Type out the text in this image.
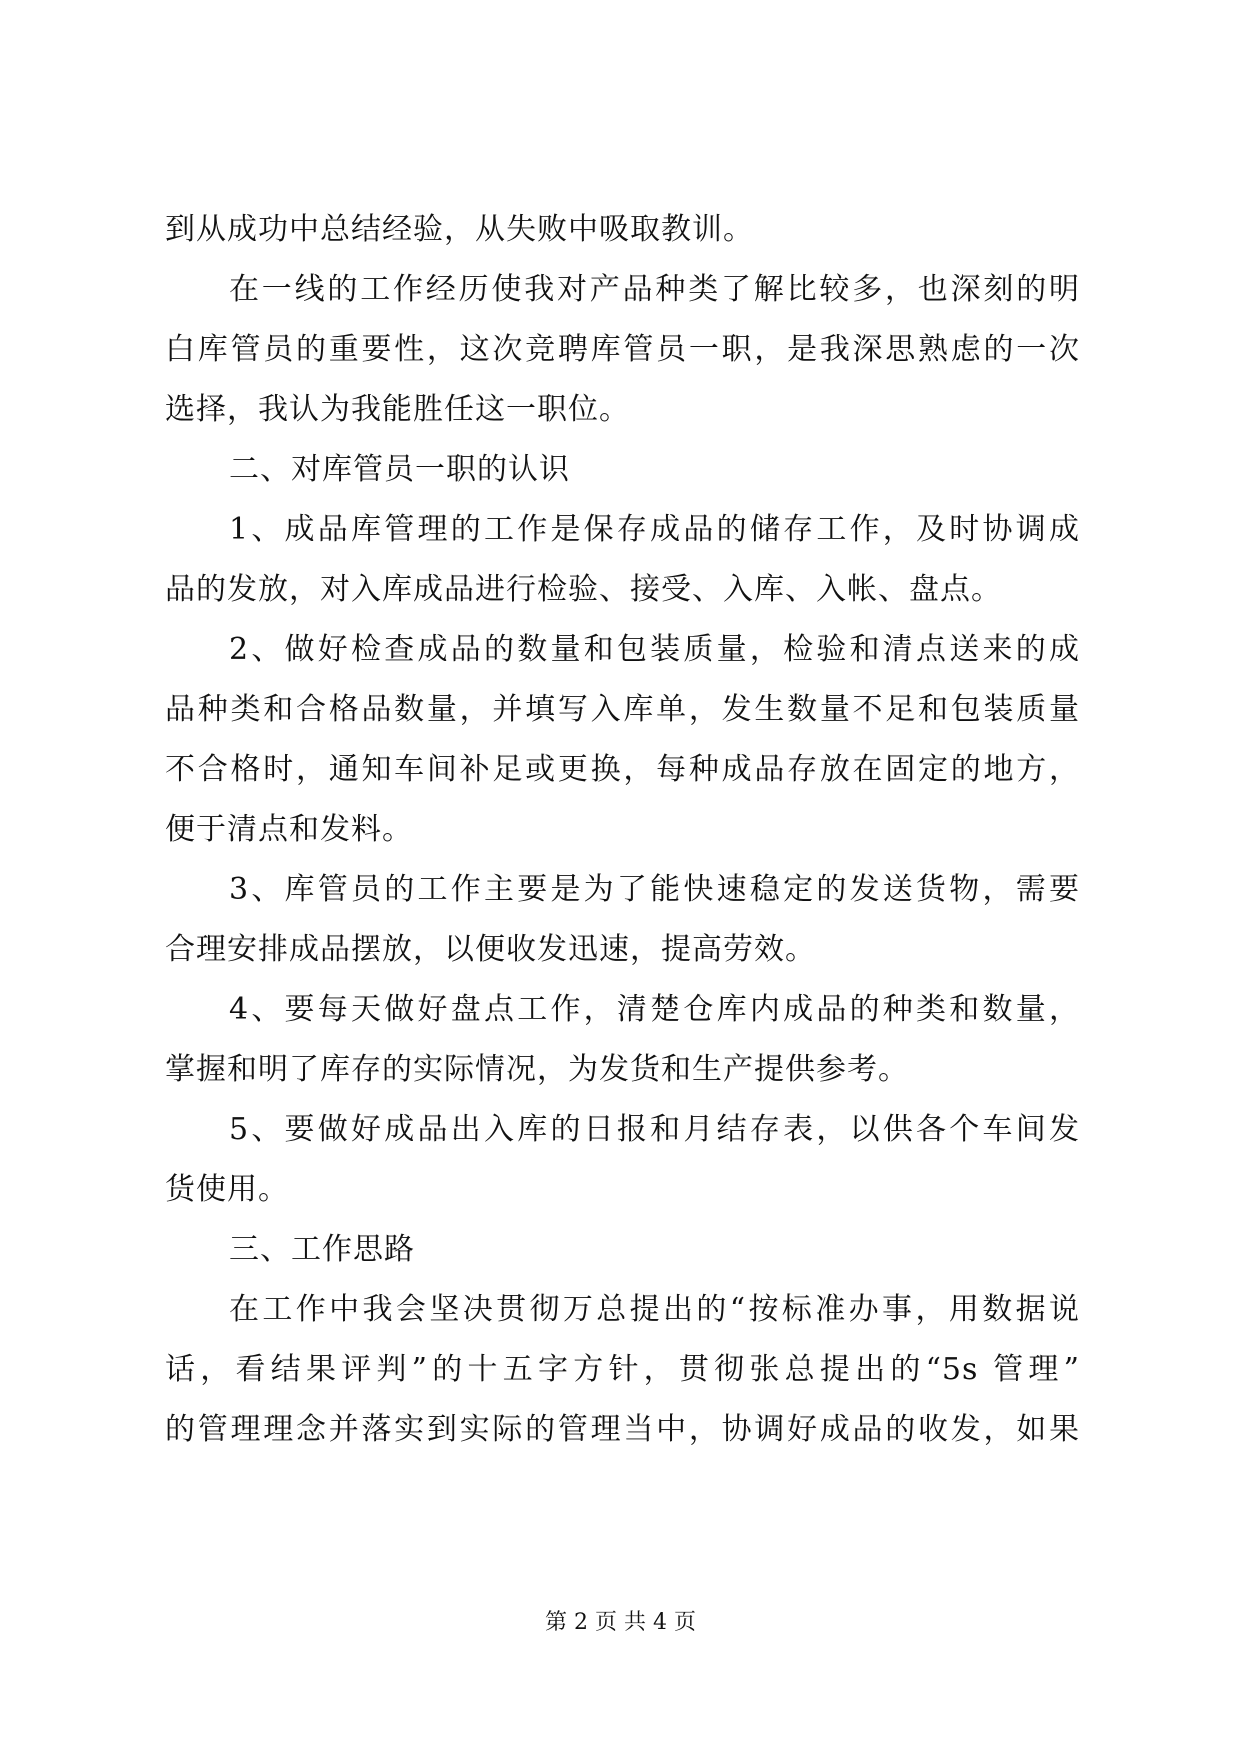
到从成功中总结经验，从失败中吸取教训。
在一线的工作经历使我对产品种类了解比较多，也深刻的明
白库管员的重要性，这次竞聘库管员一职，是我深思熟虑的一次
选择，我认为我能胜任这一职位。
二、对库管员一职的认识
1、成品库管理的工作是保存成品的储存工作，及时协调成
品的发放，对入库成品进行检验、接受、入库、入帐、盘点。
2、做好检查成品的数量和包装质量，检验和清点送来的成
品种类和合格品数量，并填写入库单，发生数量不足和包装质量
不合格时，通知车间补足或更换，每种成品存放在固定的地方，
便于清点和发料。
3、库管员的工作主要是为了能快速稳定的发送货物，需要
合理安排成品摆放，以便收发迅速，提高劳效。
4、要每天做好盘点工作，清楚仓库内成品的种类和数量，
掌握和明了库存的实际情况，为发货和生产提供参考。
5、要做好成品出入库的日报和月结存表，以供各个车间发
货使用。
三、工作思路
在工作中我会坚决贯彻万总提出的“按标准办事，用数据说
话，看结果评判”的十五字方针，贯彻张总提出的“5s 管理”
的管理理念并落实到实际的管理当中，协调好成品的收发，如果
第 2 页 共 4 页
